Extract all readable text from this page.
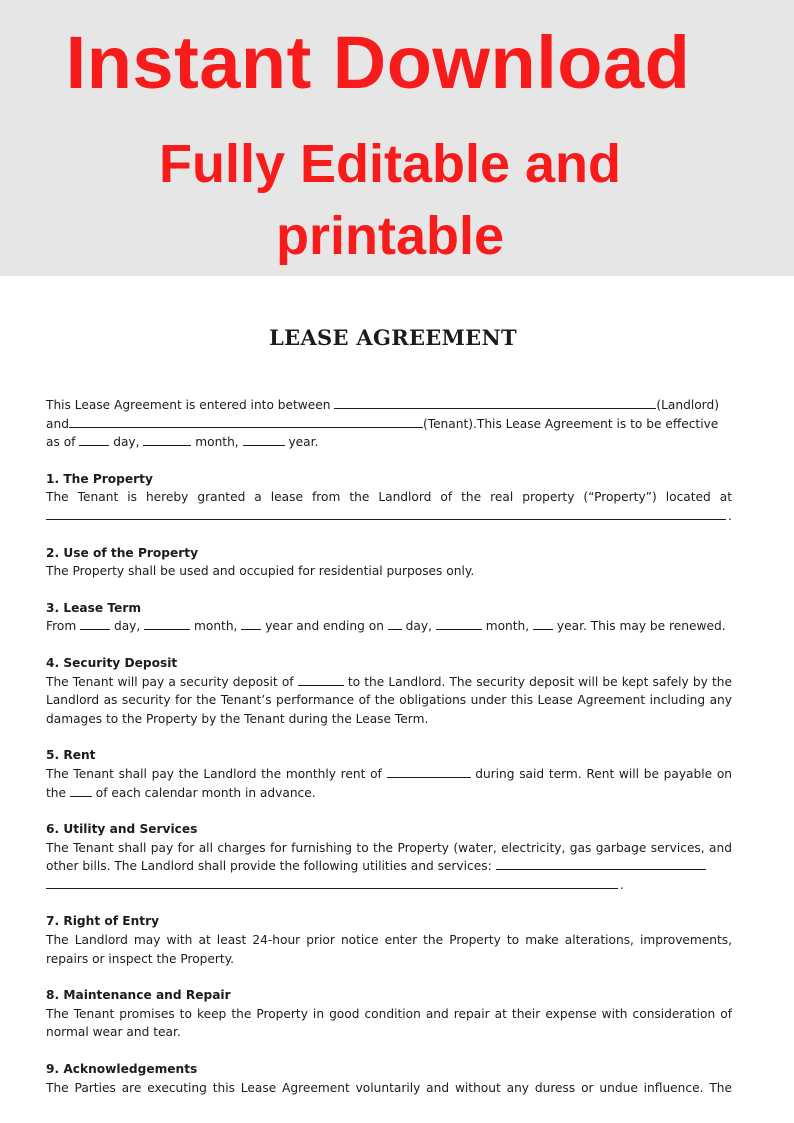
Instant Download
Fully Editable and printable
LEASE AGREEMENT
This Lease Agreement is entered into between	(Landlord)
and	(Tenant).This Lease Agreement is to be effective
as of	day,	month,	year.
1. The Property
The Tenant is hereby granted a lease from the Landlord of the real property (“Property”) located at
.
2. Use of the Property
The Property shall be used and occupied for residential purposes only.
3. Lease Term
From	day,	month, year and ending on day,	month, year. This may be renewed.
4. Security Deposit
The Tenant will pay a security deposit of	to the Landlord. The security deposit will be kept safely by the Landlord as security for the Tenant’s performance of the obligations under this Lease Agreement including any damages to the Property by the Tenant during the Lease Term.
5. Rent
The Tenant shall pay the Landlord the monthly rent of	during said term. Rent will be payable on the of each calendar month in advance.
6. Utility and Services
The Tenant shall pay for all charges for furnishing to the Property (water, electricity, gas garbage services, and other bills. The Landlord shall provide the following utilities and services:
.
7. Right of Entry
The Landlord may with at least 24-hour prior notice enter the Property to make alterations, improvements, repairs or inspect the Property.
8. Maintenance and Repair
The Tenant promises to keep the Property in good condition and repair at their expense with consideration of normal wear and tear.
9. Acknowledgements
The Parties are executing this Lease Agreement voluntarily and without any duress or undue influence. The
